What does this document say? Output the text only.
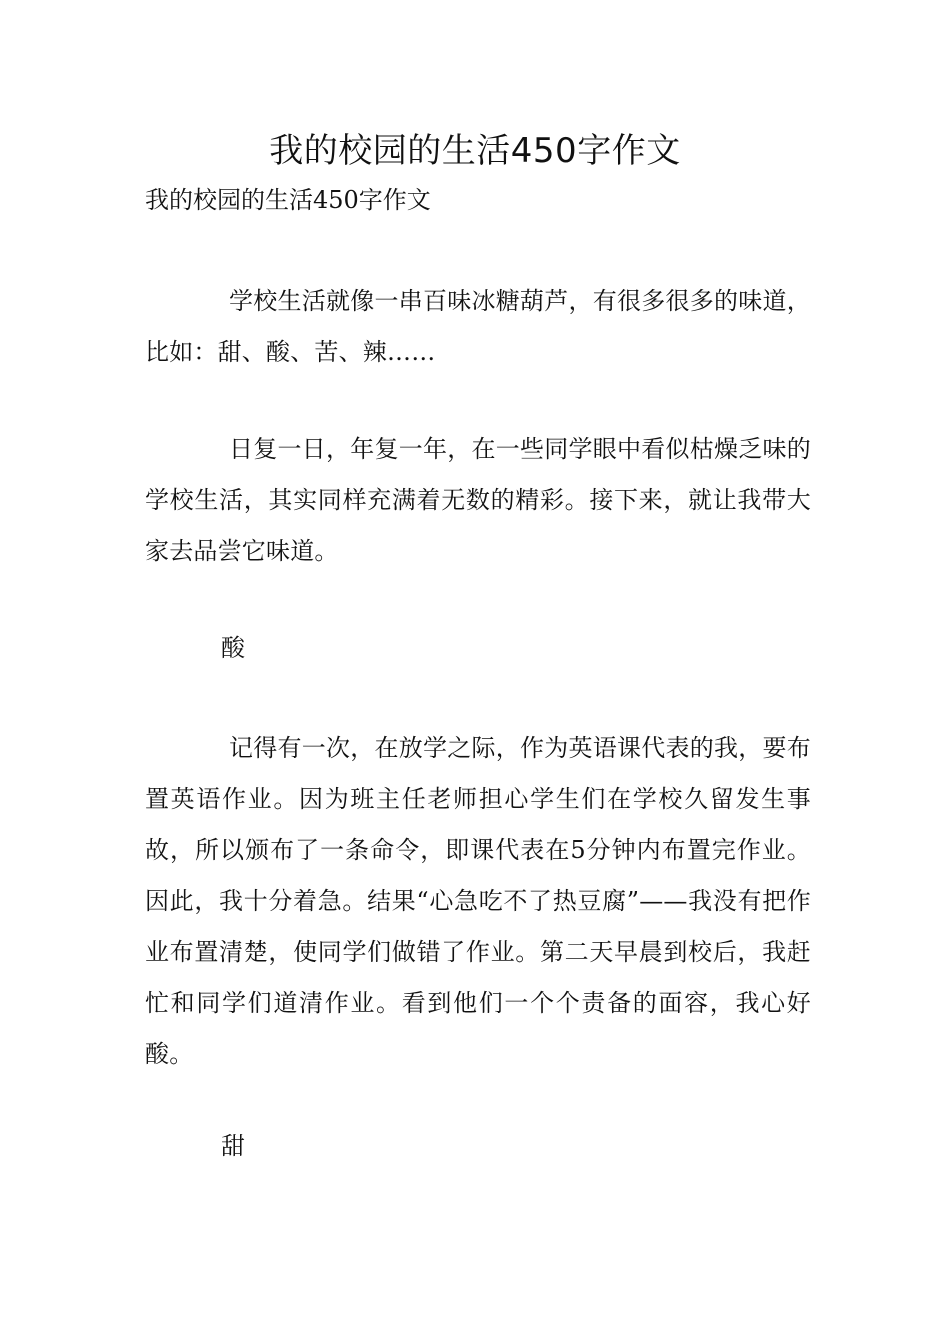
我的校园的生活450字作文

我的校园的生活450字作文

学校生活就像一串百味冰糖葫芦，有很多很多的味道，比如：甜、酸、苦、辣……

日复一日，年复一年，在一些同学眼中看似枯燥乏味的学校生活，其实同样充满着无数的精彩。接下来，就让我带大家去品尝它味道。

酸

记得有一次，在放学之际，作为英语课代表的我，要布置英语作业。因为班主任老师担心学生们在学校久留发生事故，所以颁布了一条命令，即课代表在5分钟内布置完作业。因此，我十分着急。结果“心急吃不了热豆腐”——我没有把作业布置清楚，使同学们做错了作业。第二天早晨到校后，我赶忙和同学们道清作业。看到他们一个个责备的面容，我心好酸。

甜
